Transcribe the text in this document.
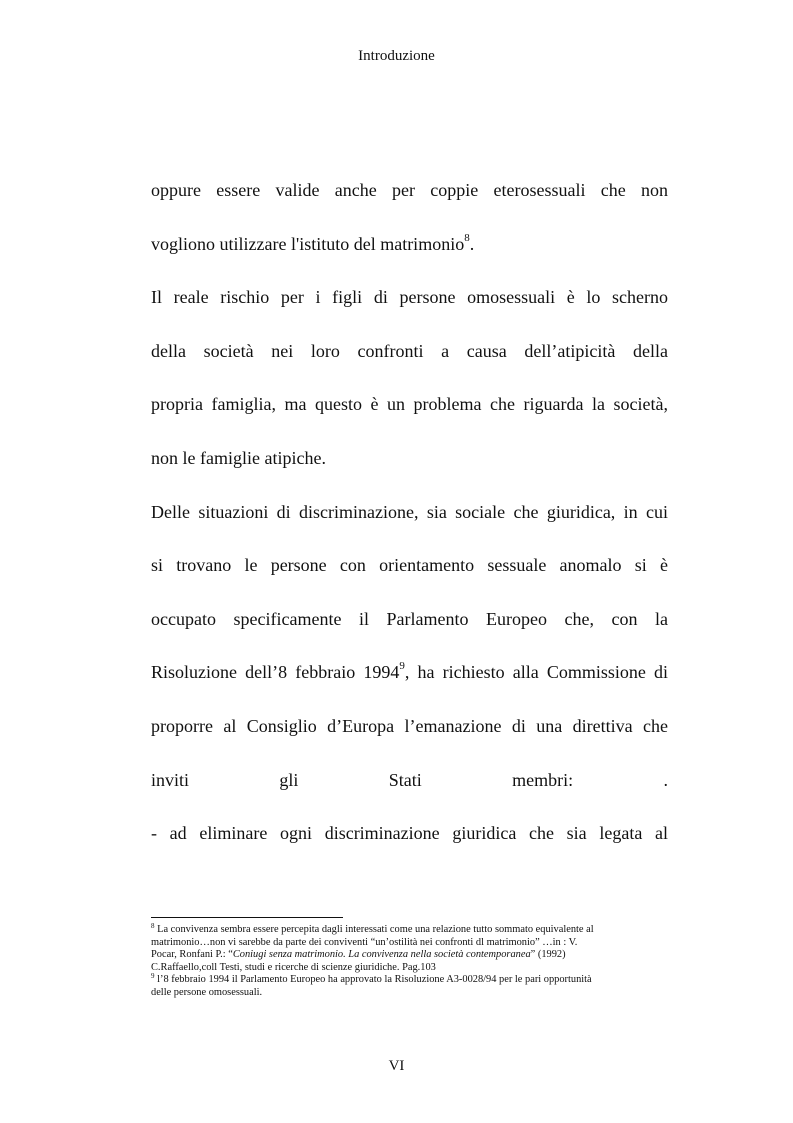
Introduzione
oppure essere valide anche per coppie eterosessuali che non
vogliono utilizzare l'istituto del matrimonio$^8$.
Il reale rischio per i figli di persone omosessuali è lo scherno
della società nei loro confronti a causa dell’atipicità della
propria famiglia, ma questo è un problema che riguarda la società,
non le famiglie atipiche.
Delle situazioni di discriminazione, sia sociale che giuridica, in cui
si trovano le persone con orientamento sessuale anomalo si è
occupato specificamente il Parlamento Europeo che, con la
Risoluzione dell’8 febbraio 1994$^9$, ha richiesto alla Commissione di
proporre al Consiglio d’Europa l’emanazione di una direttiva che
inviti gli Stati membri:	.
- ad eliminare ogni discriminazione giuridica che sia legata al
$^8$ La convivenza sembra essere percepita dagli interessati come una relazione tutto sommato equivalente al
matrimonio…non vi sarebbe da parte dei conviventi “un’ostilità nei confronti dl matrimonio” …in : V.
Pocar, Ronfani P.: “Coniugi senza matrimonio. La convivenza nella società contemporanea” (1992)
C.Raffaello,coll Testi, studi e ricerche di scienze giuridiche. Pag.103
$^9$ l’8 febbraio 1994 il Parlamento Europeo ha approvato la Risoluzione A3-0028/94 per le pari opportunità
delle persone omosessuali.
VI
